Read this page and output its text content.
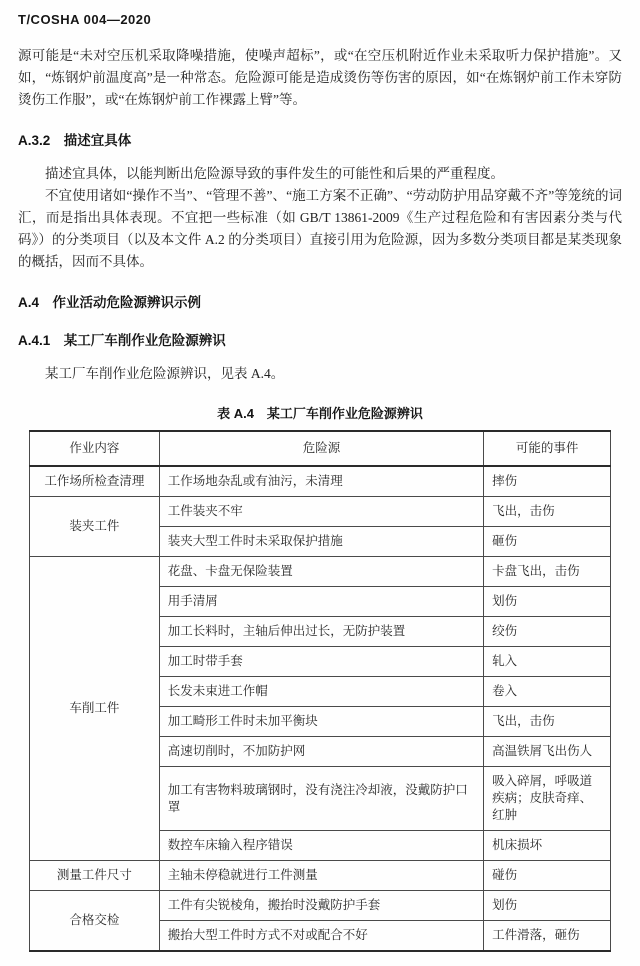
T/COSHA 004—2020

源可能是“未对空压机采取降噪措施，使噪声超标”，或“在空压机附近作业未采取听力保护措施”。又如，“炼钢炉前温度高”是一种常态。危险源可能是造成烫伤等伤害的原因，如“在炼钢炉前工作未穿防烫伤工作服”，或“在炼钢炉前工作裸露上臂”等。

A.3.2　描述宜具体

描述宜具体，以能判断出危险源导致的事件发生的可能性和后果的严重程度。

不宜使用诸如“操作不当”、“管理不善”、“施工方案不正确”、“劳动防护用品穿戴不齐”等笼统的词汇，而是指出具体表现。不宜把一些标准（如 GB/T 13861-2009《生产过程危险和有害因素分类与代码》）的分类项目（以及本文件 A.2 的分类项目）直接引用为危险源，因为多数分类项目都是某类现象的概括，因而不具体。

A.4　作业活动危险源辨识示例
A.4.1　某工厂车削作业危险源辨识

某工厂车削作业危险源辨识，见表 A.4。

表 A.4　某工厂车削作业危险源辨识
作业内容	危险源	可能的事件
工作场所检查清理	工作场地杂乱或有油污，未清理	摔伤
装夹工件	工件装夹不牢	飞出，击伤
	装夹大型工件时未采取保护措施	砸伤
车削工件	花盘、卡盘无保险装置	卡盘飞出，击伤
	用手清屑	划伤
	加工长料时，主轴后伸出过长，无防护装置	绞伤
	加工时带手套	轧入
	长发未束进工作帽	卷入
	加工畸形工件时未加平衡块	飞出，击伤
	高速切削时，不加防护网	高温铁屑飞出伤人
	加工有害物料玻璃钢时，没有浇注冷却液，没戴防护口罩	吸入碎屑，呼吸道疾病；皮肤奇痒、红肿
	数控车床输入程序错误	机床损坏
测量工件尺寸	主轴未停稳就进行工件测量	碰伤
合格交检	工件有尖锐棱角，搬抬时没戴防护手套	划伤
	搬抬大型工件时方式不对或配合不好	工件滑落，砸伤
